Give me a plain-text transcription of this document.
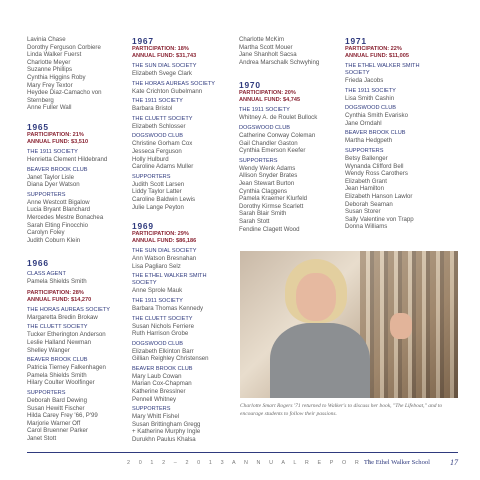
Lavinia Chase
Dorothy Ferguson Corbiere
Linda Walker Fuerst
Charlotte Meyer
Suzanne Phillips
Cynthia Higgins Roby
Mary Frey Textor
Heydee Diaz-Camacho von Sternberg
Anne Fuller Wall
1965
PARTICIPATION: 21%
ANNUAL FUND: $3,510
THE 1911 SOCIETY
Henrietta Clement Hildebrand
BEAVER BROOK CLUB
Janet Taylor Lisle
Diana Dyer Watson
SUPPORTERS
Anne Westcott Bigalow
Lucia Bryant Blanchard
Mercedes Mestre Bonachea
Sarah Elting Finocchio
Carolyn Foley
Judith Coburn Klein
1966
CLASS AGENT
Pamela Shields Smith
PARTICIPATION: 28%
ANNUAL FUND: $14,270
THE HORAS AUREAS SOCIETY
Margaretta Bredin Brokaw
THE CLUETT SOCIETY
Tucker Etherington Anderson
Leslie Halland Newman
Shelley Wanger
BEAVER BROOK CLUB
Patricia Tierney Falkenhagen
Pamela Shields Smith
Hilary Coulter Woolfinger
SUPPORTERS
Deborah Bard Dewing
Susan Hewitt Fischer
Hilda Carey Frey '66, P'99
Marjorie Warner Off
Carol Bruenner Parker
Janet Stott
1967
PARTICIPATION: 18%
ANNUAL FUND: $31,743
THE SUN DIAL SOCIETY
Elizabeth Svege Clark
THE HORAS AUREAS SOCIETY
Kate Crichton Gubelmann
THE 1911 SOCIETY
Barbara Bristol
THE CLUETT SOCIETY
Elizabeth Schlosser
DOGSWOOD CLUB
Christine Gorham Cox
Jesseca Ferguson
Holly Hulburd
Caroline Adams Muller
SUPPORTERS
Judith Scott Larsen
Liddy Taylor Latter
Caroline Baldwin Lewis
Julie Lange Peyton
1969
PARTICIPATION: 29%
ANNUAL FUND: $86,186
THE SUN DIAL SOCIETY
Ann Watson Bresnahan
Lisa Pagliaro Selz
THE ETHEL WALKER SMITH SOCIETY
Anne Sprole Mauk
THE 1911 SOCIETY
Barbara Thomas Kennedy
THE CLUETT SOCIETY
Susan Nichols Ferriere
Ruth Harrison Grobe
DOGSWOOD CLUB
Elizabeth Elkinton Barr
Gillian Reighley Christensen
BEAVER BROOK CLUB
Mary Laub Cowan
Marian Cox-Chapman
Katherine Bresslner
Pennell Whitney
SUPPORTERS
Mary Whitt Fishel
Susan Brittingham Gregg
+ Katherine Murphy Ingle
Durukhn Paulus Khalsa
Charlotte McKim
Martha Scott Mouer
Jane Shanholt Sacsa
Andrea Marschalk Schwyhing
1970
PARTICIPATION: 20%
ANNUAL FUND: $4,745
THE 1911 SOCIETY
Whitney A. de Roulet Bullock
DOGSWOOD CLUB
Catherine Conway Coleman
Gail Chandler Gaston
Cynthia Emerson Keefer
SUPPORTERS
Wendy Wenk Adams
Allison Snyder Brates
Jean Stewart Burton
Cynthia Claggens
Pamela Kraemer Klurfeld
Dorothy Kirmse Scarlett
Sarah Blair Smith
Sarah Stott
Fendine Clagett Wood
1971
PARTICIPATION: 22%
ANNUAL FUND: $11,005
THE ETHEL WALKER SMITH SOCIETY
Frieda Jacobs
THE 1911 SOCIETY
Lisa Smith Cashin
DOGSWOOD CLUB
Cynthia Smith Evarisko
Jane Orndahl
BEAVER BROOK CLUB
Martha Hedgpeth
SUPPORTERS
Betsy Ballenger
Wynanda Clifford Bell
Wendy Ross Carothers
Elizabeth Grant
Jean Hamilton
Elizabeth Hanson Lawlor
Deborah Seaman
Susan Storer
Sally Valentine von Trapp
Donna Williams
Charlotte Smart Rogers '71 returned to Walker's to discuss her book, "The Lifeboat," and to encourage students to follow their passions.
2 0 1 2 – 2 0 1 3 A N N U A L R E P O R T
The Ethel Walker School	17
